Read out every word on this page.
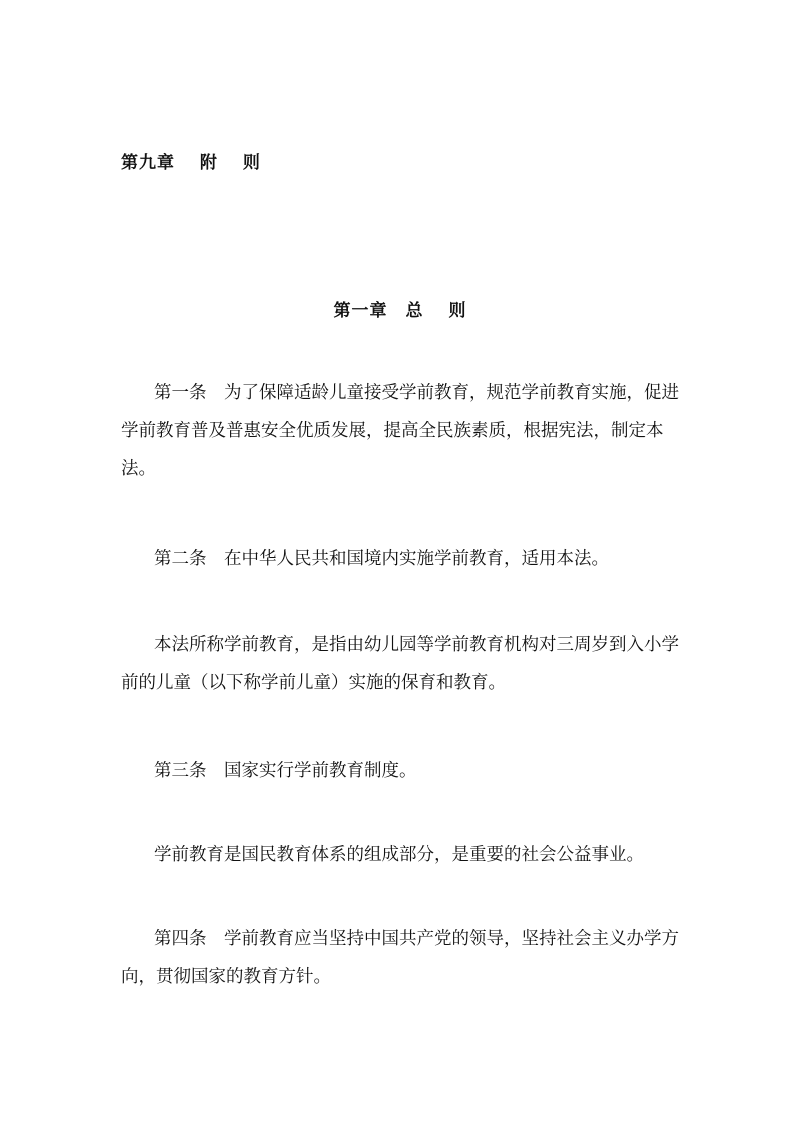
第九章　 附　 则
第一章　 总　 则

第一条　为了保障适龄儿童接受学前教育，规范学前教育实施，促进学前教育普及普惠安全优质发展，提高全民族素质，根据宪法，制定本法。

第二条　在中华人民共和国境内实施学前教育，适用本法。

本法所称学前教育，是指由幼儿园等学前教育机构对三周岁到入小学前的儿童（以下称学前儿童）实施的保育和教育。

第三条　国家实行学前教育制度。

学前教育是国民教育体系的组成部分，是重要的社会公益事业。

第四条　学前教育应当坚持中国共产党的领导，坚持社会主义办学方向，贯彻国家的教育方针。
